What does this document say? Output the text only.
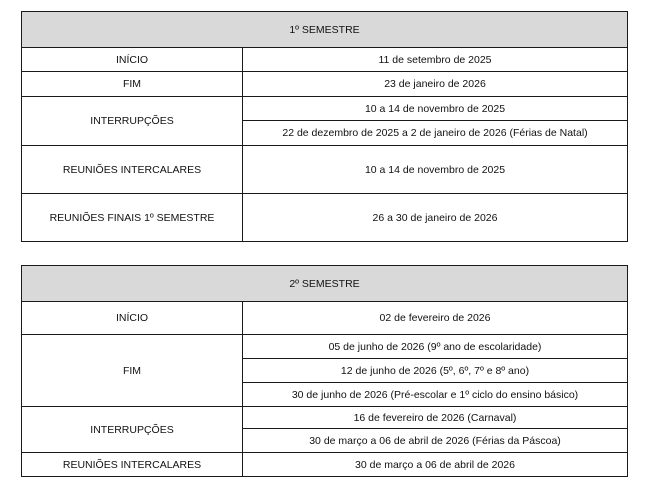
1º SEMESTRE	
INÍCIO	11 de setembro de 2025
FIM	23 de janeiro de 2026
INTERRUPÇÕES	10 a 14 de novembro de 2025
	22 de dezembro de 2025 a 2 de janeiro de 2026 (Férias de Natal)
REUNIÕES INTERCALARES	10 a 14 de novembro de 2025
REUNIÕES FINAIS 1º SEMESTRE	26 a 30 de janeiro de 2026
2º SEMESTRE	
INÍCIO	02 de fevereiro de 2026
FIM	05 de junho de 2026 (9º ano de escolaridade)
	12 de junho de 2026 (5º, 6º, 7º e 8º ano)
	30 de junho de 2026 (Pré-escolar e 1º ciclo do ensino básico)
INTERRUPÇÕES	16 de fevereiro de 2026 (Carnaval)
	30 de março a 06 de abril de 2026 (Férias da Páscoa)
REUNIÕES INTERCALARES	30 de março a 06 de abril de 2026
